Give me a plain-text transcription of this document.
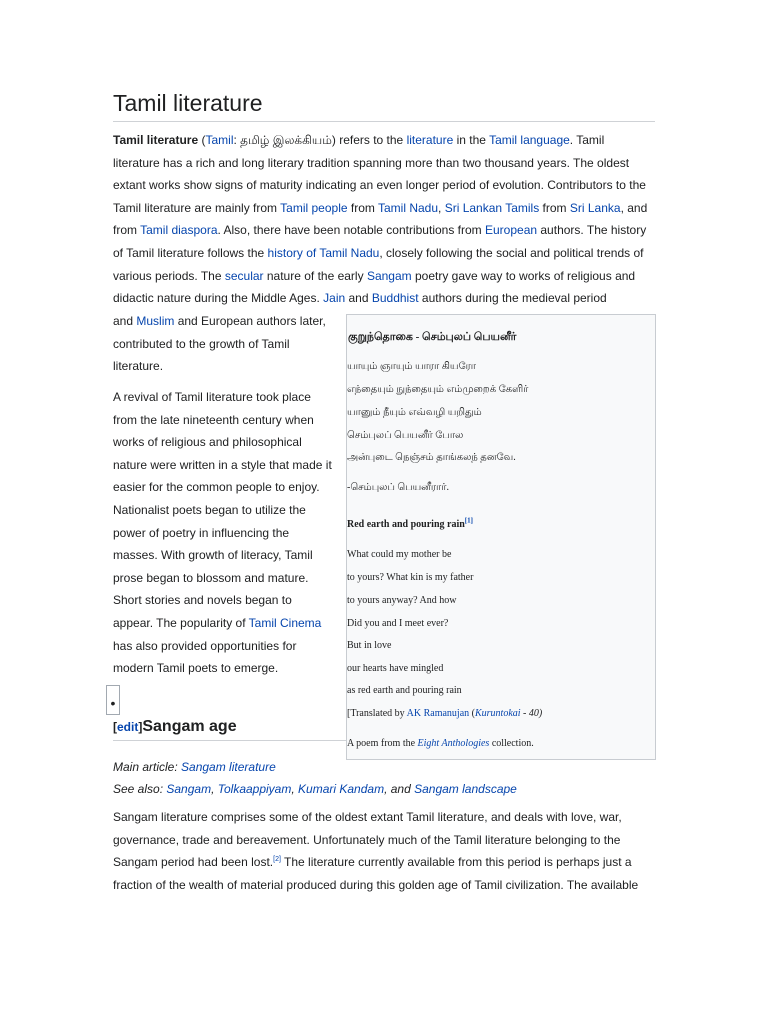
Tamil literature

Tamil literature (Tamil: தமிழ் இலக்கியம்) refers to the literature in the Tamil language. Tamil literature has a rich and long literary tradition spanning more than two thousand years. The oldest extant works show signs of maturity indicating an even longer period of evolution. Contributors to the Tamil literature are mainly from Tamil people from Tamil Nadu, Sri Lankan Tamils from Sri Lanka, and from Tamil diaspora. Also, there have been notable contributions from European authors. The history of Tamil literature follows the history of Tamil Nadu, closely following the social and political trends of various periods. The secular nature of the early Sangam poetry gave way to works of religious and didactic nature during the Middle Ages. Jain and Buddhist authors during the medieval period

and Muslim and European authors later, contributed to the growth of Tamil literature.

A revival of Tamil literature took place from the late nineteenth century when works of religious and philosophical nature were written in a style that made it easier for the common people to enjoy. Nationalist poets began to utilize the power of poetry in influencing the masses. With growth of literacy, Tamil prose began to blossom and mature. Short stories and novels began to appear. The popularity of Tamil Cinema has also provided opportunities for modern Tamil poets to emerge.

•
[edit]Sangam age

Main article: Sangam literature

See also: Sangam, Tolkaappiyam, Kumari Kandam, and Sangam landscape

Sangam literature comprises some of the oldest extant Tamil literature, and deals with love, war, governance, trade and bereavement. Unfortunately much of the Tamil literature belonging to the Sangam period had been lost.[2] The literature currently available from this period is perhaps just a fraction of the wealth of material produced during this golden age of Tamil civilization. The available

குறுந்தொகை - செம்புலப் பெயனீர்
யாயும் ஞாயும் யாரா கியரோ
எந்தையும் நுந்தையும் எம்முறைக் கேளிர்
யானும் நீயும் எவ்வழி யறிதும்
செம்புலப் பெயனீர் போல
அன்புடை நெஞ்சம் தாங்கலந் தனவே.
-செம்புலப் பெயனீரார்.
Red earth and pouring rain[1]
What could my mother be
to yours? What kin is my father
to yours anyway? And how
Did you and I meet ever?
But in love
our hearts have mingled
as red earth and pouring rain
[Translated by AK Ramanujan (Kuruntokai - 40)
A poem from the Eight Anthologies collection.
